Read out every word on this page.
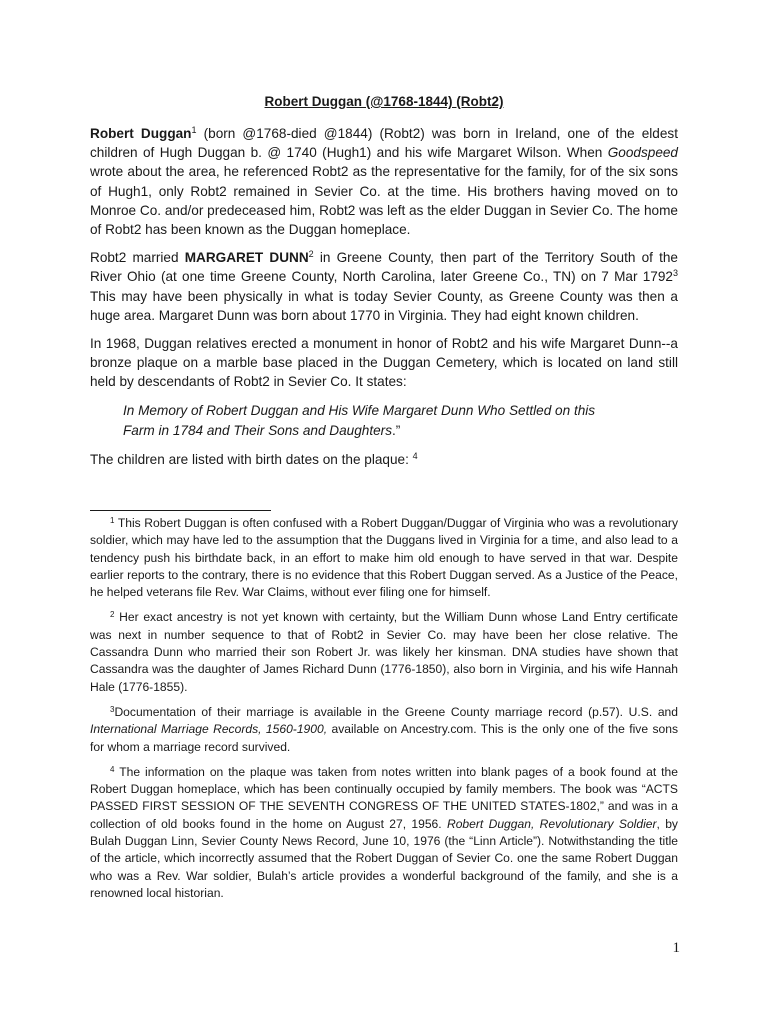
Robert Duggan (@1768-1844) (Robt2)

Robert Duggan$^1$ (born @1768-died @1844) (Robt2) was born in Ireland, one of the eldest children of Hugh Duggan b. @ 1740 (Hugh1) and his wife Margaret Wilson. When Goodspeed wrote about the area, he referenced Robt2 as the representative for the family, for of the six sons of Hugh1, only Robt2 remained in Sevier Co. at the time. His brothers having moved on to Monroe Co. and/or predeceased him, Robt2 was left as the elder Duggan in Sevier Co. The home of Robt2 has been known as the Duggan homeplace.

Robt2 married MARGARET DUNN$^2$ in Greene County, then part of the Territory South of the River Ohio (at one time Greene County, North Carolina, later Greene Co., TN) on 7 Mar 1792$^3$ This may have been physically in what is today Sevier County, as Greene County was then a huge area. Margaret Dunn was born about 1770 in Virginia. They had eight known children.

In 1968, Duggan relatives erected a monument in honor of Robt2 and his wife Margaret Dunn--a bronze plaque on a marble base placed in the Duggan Cemetery, which is located on land still held by descendants of Robt2 in Sevier Co. It states:

In Memory of Robert Duggan and His Wife Margaret Dunn Who Settled on this Farm in 1784 and Their Sons and Daughters.”

The children are listed with birth dates on the plaque: $^4$

$^1$ This Robert Duggan is often confused with a Robert Duggan/Duggar of Virginia who was a revolutionary soldier, which may have led to the assumption that the Duggans lived in Virginia for a time, and also lead to a tendency push his birthdate back, in an effort to make him old enough to have served in that war. Despite earlier reports to the contrary, there is no evidence that this Robert Duggan served. As a Justice of the Peace, he helped veterans file Rev. War Claims, without ever filing one for himself.

$^2$ Her exact ancestry is not yet known with certainty, but the William Dunn whose Land Entry certificate was next in number sequence to that of Robt2 in Sevier Co. may have been her close relative. The Cassandra Dunn who married their son Robert Jr. was likely her kinsman. DNA studies have shown that Cassandra was the daughter of James Richard Dunn (1776-1850), also born in Virginia, and his wife Hannah Hale (1776-1855).

$^3$Documentation of their marriage is available in the Greene County marriage record (p.57). U.S. and International Marriage Records, 1560-1900, available on Ancestry.com. This is the only one of the five sons for whom a marriage record survived.

$^4$ The information on the plaque was taken from notes written into blank pages of a book found at the Robert Duggan homeplace, which has been continually occupied by family members. The book was “ACTS PASSED FIRST SESSION OF THE SEVENTH CONGRESS OF THE UNITED STATES-1802,” and was in a collection of old books found in the home on August 27, 1956. Robert Duggan, Revolutionary Soldier, by Bulah Duggan Linn, Sevier County News Record, June 10, 1976 (the “Linn Article”). Notwithstanding the title of the article, which incorrectly assumed that the Robert Duggan of Sevier Co. one the same Robert Duggan who was a Rev. War soldier, Bulah’s article provides a wonderful background of the family, and she is a renowned local historian.

1
